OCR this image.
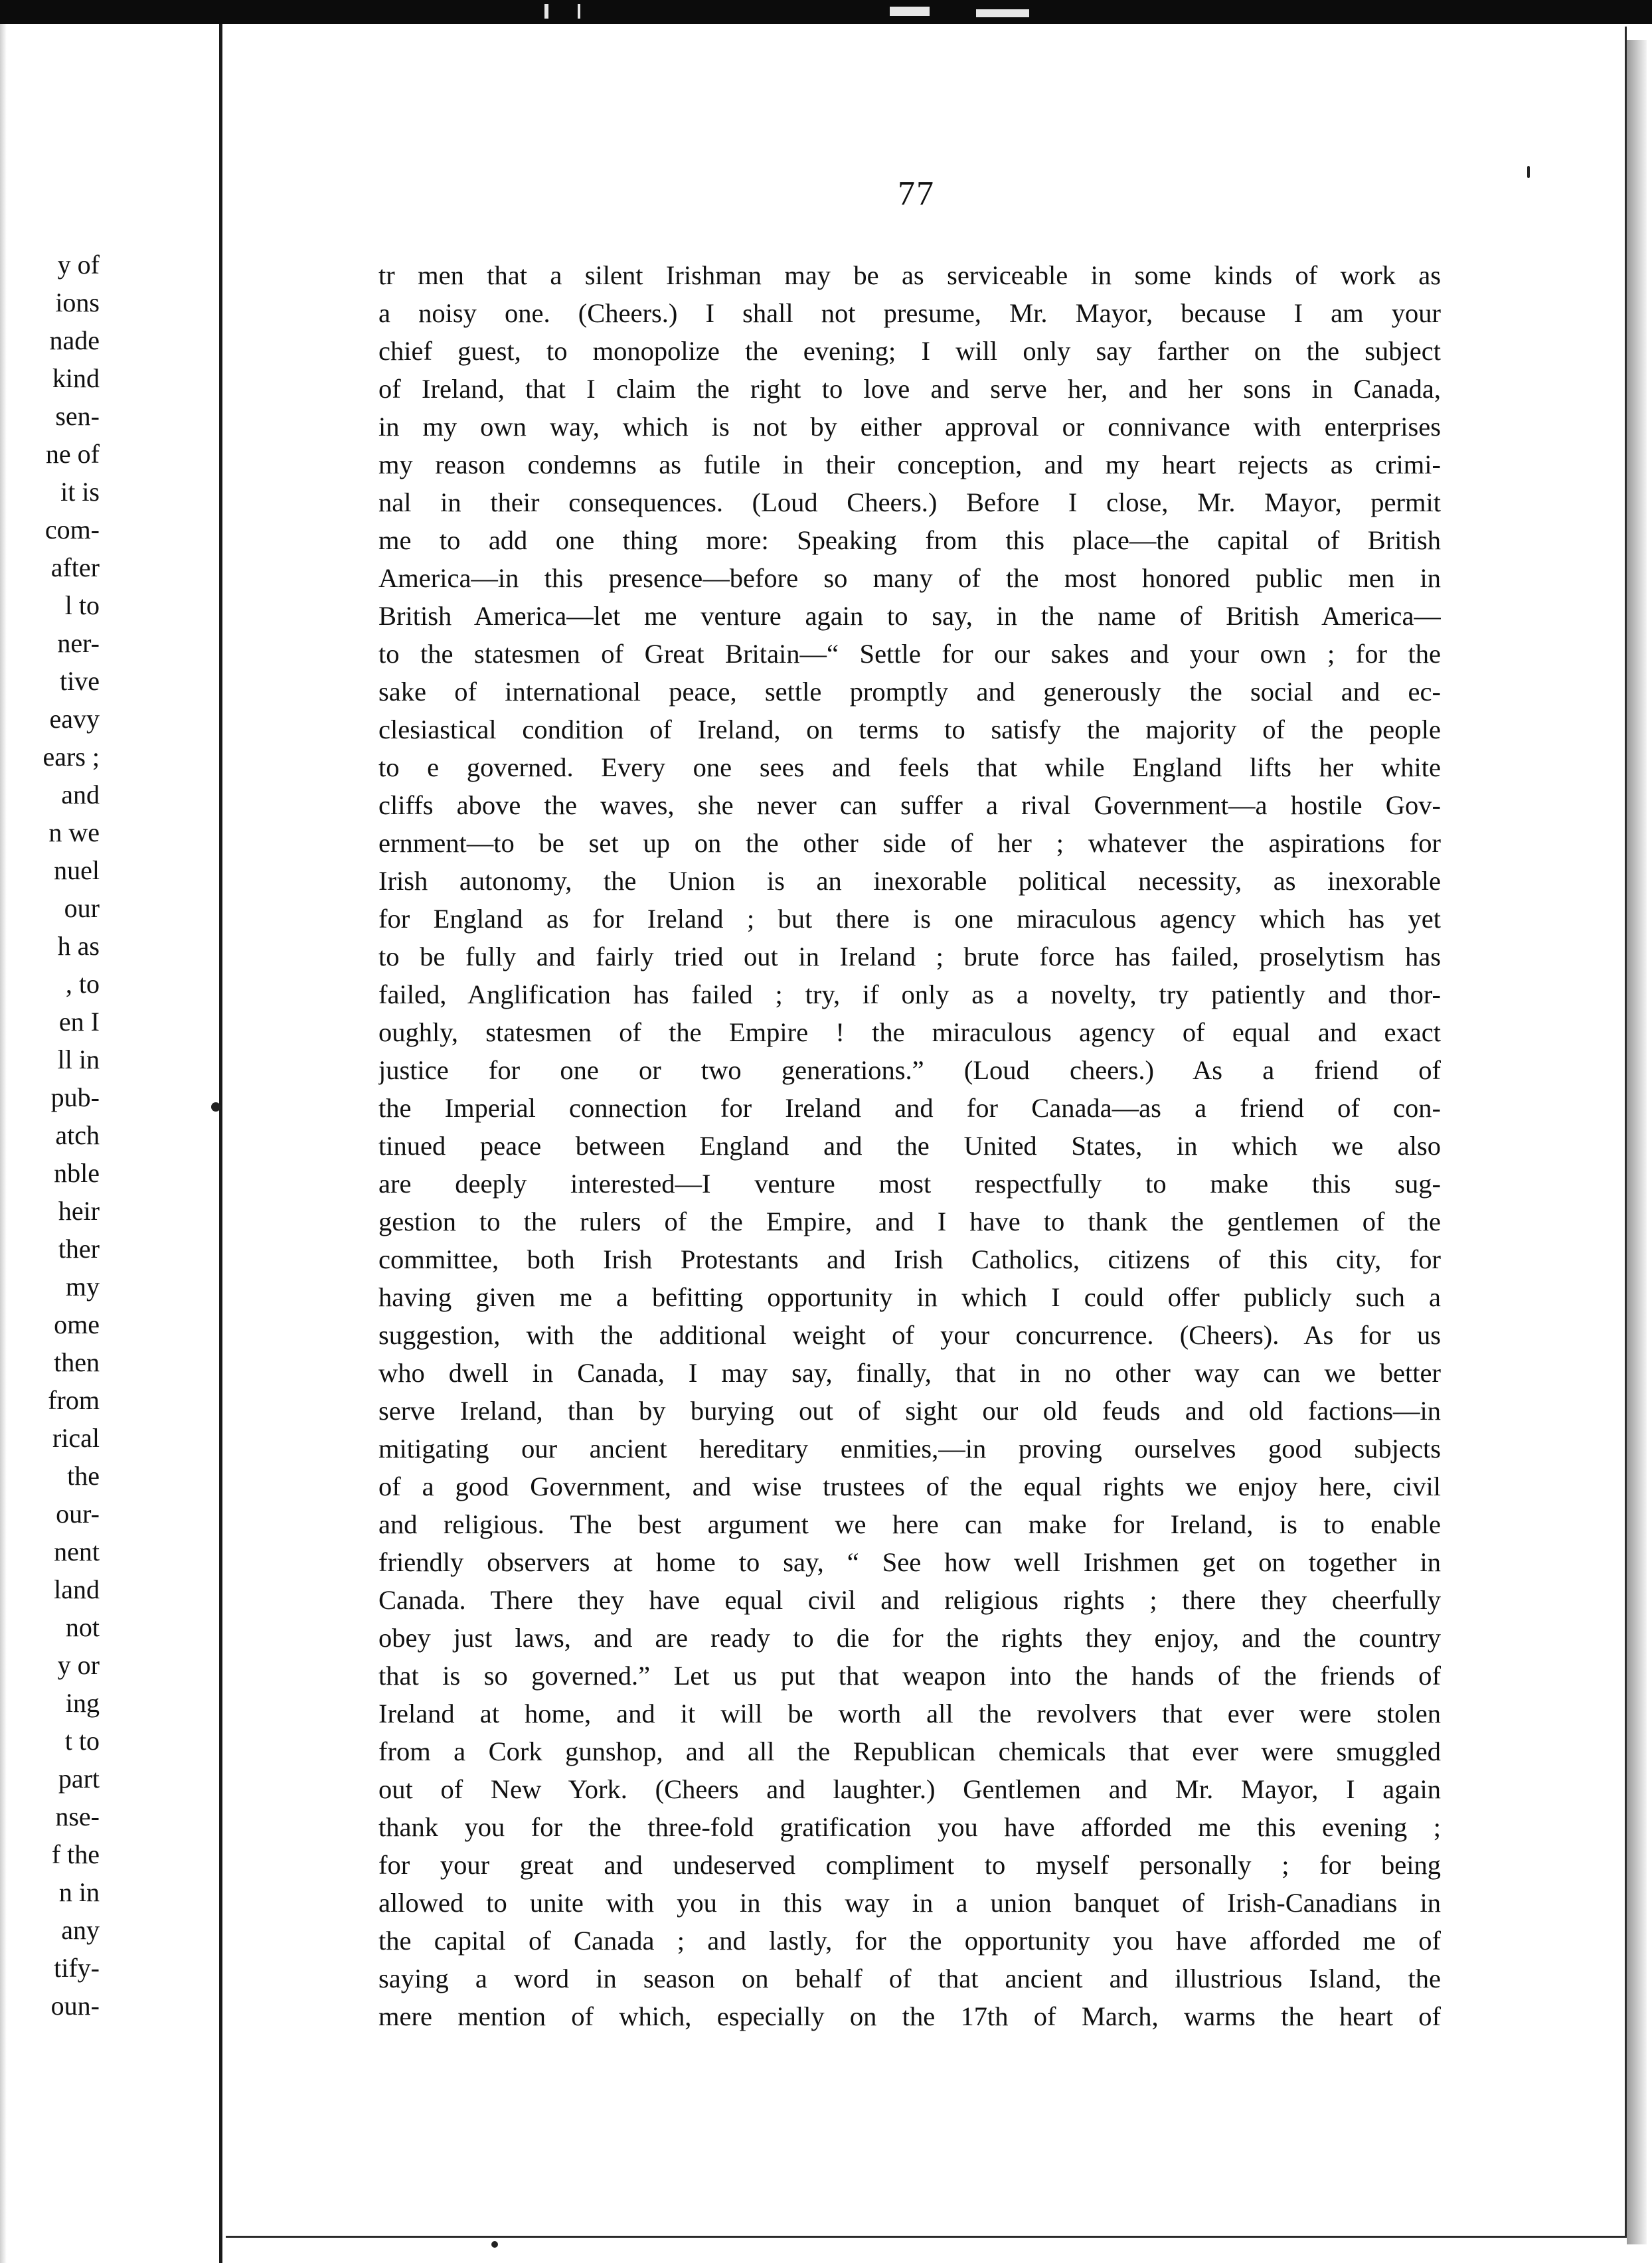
y of
ions
nade
kind
sen-
ne of
it is
com-
after
l to
ner-
tive
eavy
ears ;
and
n we
nuel
our
h as
, to
en I
ll in
pub-
atch
nble
heir
ther
my
ome
then
from
rical
the
our-
nent
land
not
y or
ing
t to
part
nse-
f the
n in
any
tify-
oun-
77
tr men that a silent Irishman may be as serviceable in some kinds of work as
a noisy one. (Cheers.) I shall not presume, Mr. Mayor, because I am your
chief guest, to monopolize the evening; I will only say farther on the subject
of Ireland, that I claim the right to love and serve her, and her sons in Canada,
in my own way, which is not by either approval or connivance with enterprises
my reason condemns as futile in their conception, and my heart rejects as crimi-
nal in their consequences. (Loud Cheers.) Before I close, Mr. Mayor, permit
me to add one thing more: Speaking from this place—the capital of British
America—in this presence—before so many of the most honored public men in
British America—let me venture again to say, in the name of British America—
to the statesmen of Great Britain—“ Settle for our sakes and your own ; for the
sake of international peace, settle promptly and generously the social and ec-
clesiastical condition of Ireland, on terms to satisfy the majority of the people
to e governed. Every one sees and feels that while England lifts her white
cliffs above the waves, she never can suffer a rival Government—a hostile Gov-
ernment—to be set up on the other side of her ; whatever the aspirations for
Irish autonomy, the Union is an inexorable political necessity, as inexorable
for England as for Ireland ; but there is one miraculous agency which has yet
to be fully and fairly tried out in Ireland ; brute force has failed, proselytism has
failed, Anglification has failed ; try, if only as a novelty, try patiently and thor-
oughly, statesmen of the Empire ! the miraculous agency of equal and exact
justice for one or two generations.” (Loud cheers.) As a friend of
the Imperial connection for Ireland and for Canada—as a friend of con-
tinued peace between England and the United States, in which we also
are deeply interested—I venture most respectfully to make this sug-
gestion to the rulers of the Empire, and I have to thank the gentlemen of the
committee, both Irish Protestants and Irish Catholics, citizens of this city, for
having given me a befitting opportunity in which I could offer publicly such a
suggestion, with the additional weight of your concurrence. (Cheers). As for us
who dwell in Canada, I may say, finally, that in no other way can we better
serve Ireland, than by burying out of sight our old feuds and old factions—in
mitigating our ancient hereditary enmities,—in proving ourselves good subjects
of a good Government, and wise trustees of the equal rights we enjoy here, civil
and religious. The best argument we here can make for Ireland, is to enable
friendly observers at home to say, “ See how well Irishmen get on together in
Canada. There they have equal civil and religious rights ; there they cheerfully
obey just laws, and are ready to die for the rights they enjoy, and the country
that is so governed.” Let us put that weapon into the hands of the friends of
Ireland at home, and it will be worth all the revolvers that ever were stolen
from a Cork gunshop, and all the Republican chemicals that ever were smuggled
out of New York. (Cheers and laughter.) Gentlemen and Mr. Mayor, I again
thank you for the three-fold gratification you have afforded me this evening ;
for your great and undeserved compliment to myself personally ; for being
allowed to unite with you in this way in a union banquet of Irish-Canadians in
the capital of Canada ; and lastly, for the opportunity you have afforded me of
saying a word in season on behalf of that ancient and illustrious Island, the
mere mention of which, especially on the 17th of March, warms the heart of
